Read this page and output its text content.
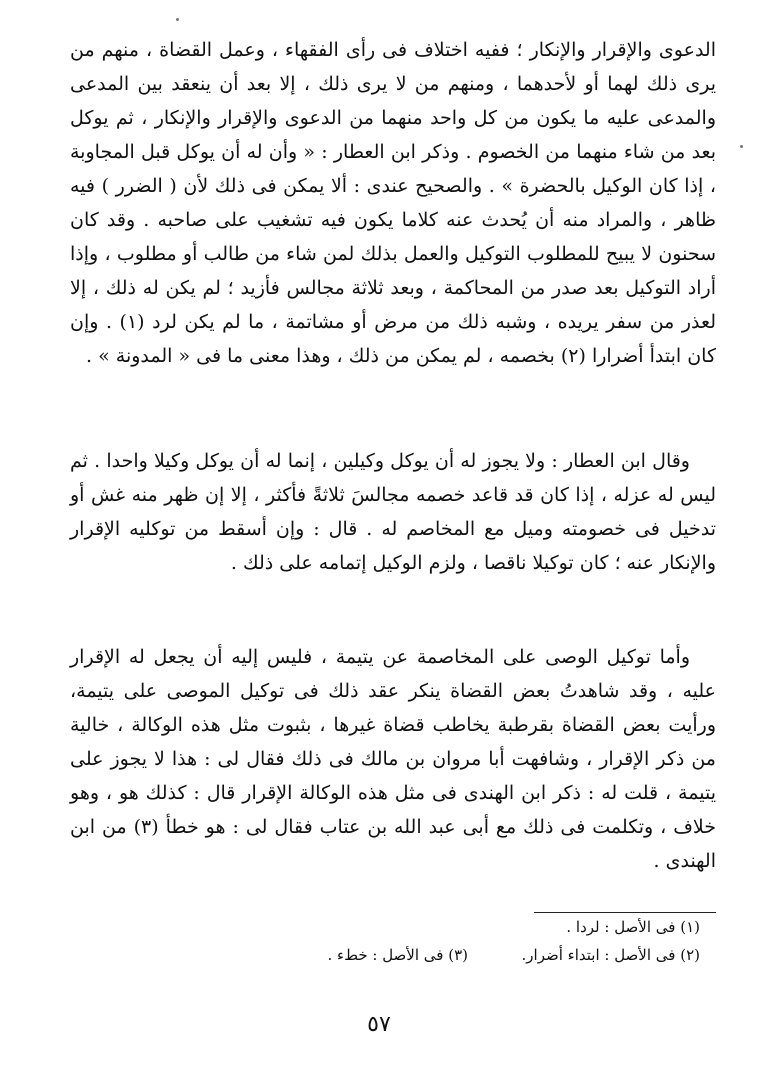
الدعوى والإقرار والإنكار ؛ ففيه اختلاف فى رأى الفقهاء ، وعمل القضاة ، منهم من يرى ذلك لهما أو لأحدهما ، ومنهم من لا يرى ذلك ، إلا بعد أن ينعقد بين المدعى والمدعى عليه ما يكون من كل واحد منهما من الدعوى والإقرار والإنكار ، ثم يوكل بعد من شاء منهما من الخصوم . وذكر ابن العطار : « وأن له أن يوكل قبل المجاوبة ، إذا كان الوكيل بالحضرة » . والصحيح عندى : ألا يمكن فى ذلك لأن ( الضرر ) فيه ظاهر ، والمراد منه أن يُحدث عنه كلاما يكون فيه تشغيب على صاحبه . وقد كان سحنون لا يبيح للمطلوب التوكيل والعمل بذلك لمن شاء من طالب أو مطلوب ، وإذا أراد التوكيل بعد صدر من المحاكمة ، وبعد ثلاثة مجالس فأزيد ؛ لم يكن له ذلك ، إلا لعذر من سفر يريده ، وشبه ذلك من مرض أو مشاتمة ، ما لم يكن لرد (١) . وإن كان ابتدأ أضرارا (٢) بخصمه ، لم يمكن من ذلك ، وهذا معنى ما فى « المدونة » .

وقال ابن العطار : ولا يجوز له أن يوكل وكيلين ، إنما له أن يوكل وكيلا واحدا . ثم ليس له عزله ، إذا كان قد قاعد خصمه مجالسَ ثلاثةً فأكثر ، إلا إن ظهر منه غش أو تدخيل فى خصومته وميل مع المخاصم له . قال : وإن أسقط من توكليه الإقرار والإنكار عنه ؛ كان توكيلا ناقصا ، ولزم الوكيل إتمامه على ذلك .

وأما توكيل الوصى على المخاصمة عن يتيمة ، فليس إليه أن يجعل له الإقرار عليه ، وقد شاهدتُ بعض القضاة ينكر عقد ذلك فى توكيل الموصى على يتيمة، ورأيت بعض القضاة بقرطبة يخاطب قضاة غيرها ، بثبوت مثل هذه الوكالة ، خالية من ذكر الإقرار ، وشافهت أبا مروان بن مالك فى ذلك فقال لى : هذا لا يجوز على يتيمة ، قلت له : ذكر ابن الهندى فى مثل هذه الوكالة الإقرار قال : كذلك هو ، وهو خلاف ، وتكلمت فى ذلك مع أبى عبد الله بن عتاب فقال لى : هو خطأ (٣) من ابن الهندى .

(١) فى الأصل : لردا .
(٢) فى الأصل : ابتداء أضرار.
(٣) فى الأصل : خطء .
٥٧
